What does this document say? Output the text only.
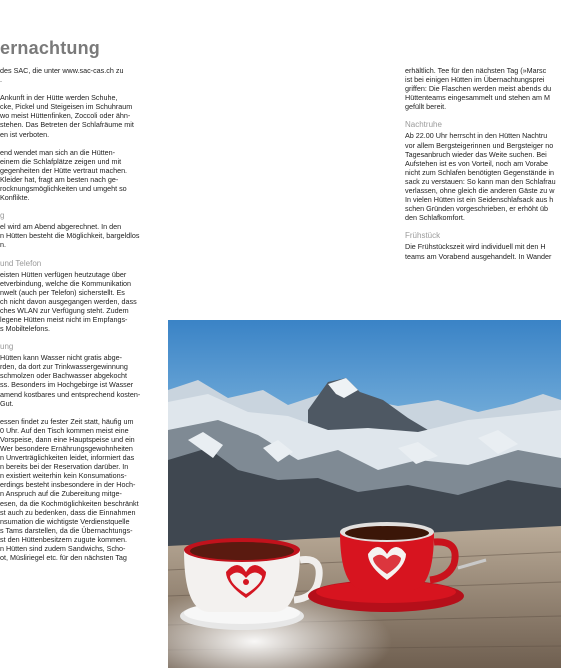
ernachtung
des SAC, die unter www.sac-cas.ch zu
.
Ankunft in der Hütte werden Schuhe,
cke, Pickel und Steigeisen im Schuhraum
wo meist Hüttenfinken, Zoccoli oder ähn-
stehen. Das Betreten der Schlafräume mit
en ist verboten.
end wendet man sich an die Hütten-
einem die Schlafplätze zeigen und mit
gegenheiten der Hütte vertraut machen.
Kleider hat, fragt am besten nach ge-
rocknungsmöglichkeiten und umgeht so
Konflikte.
g
el wird am Abend abgerechnet. In den
n Hütten besteht die Möglichkeit, bargeldlos
n.
und Telefon
eisten Hütten verfügen heutzutage über
etverbindung, welche die Kommunikation
nwelt (auch per Telefon) sicherstellt. Es
ch nicht davon ausgegangen werden, dass
ches WLAN zur Verfügung steht. Zudem
legene Hütten meist nicht im Empfangs-
s Mobiltelefons.
ung
Hütten kann Wasser nicht gratis abge-
rden, da dort zur Trinkwassergewinnung
schmolzen oder Bachwasser abgekocht
ss. Besonders im Hochgebirge ist Wasser
amend kostbares und entsprechend kosten-
Gut.
essen findet zu fester Zeit statt, häufig um
0 Uhr. Auf den Tisch kommen meist eine
Vorspeise, dann eine Hauptspeise und ein
Wer besondere Ernährungsgewohnheiten
n Unverträglichkeiten leidet, informiert das
n bereits bei der Reservation darüber. In
n existiert weiterhin kein Konsumations-
erdings besteht insbesondere in der Hoch-
n Anspruch auf die Zubereitung mitge-
esen, da die Kochmöglichkeiten beschränkt
st auch zu bedenken, dass die Einnahmen
nsumation die wichtigste Verdienstquelle
s Tams darstellen, da die Übernachtungs-
st den Hüttenbesitzern zugute kommen.
n Hütten sind zudem Sandwichs, Scho-
ot, Müsliriegel etc. für den nächsten Tag
erhältlich. Tee für den nächsten Tag (»Marsc
ist bei einigen Hütten im Übernachtungsprei
griffen: Die Flaschen werden meist abends du
Hüttenteams eingesammelt und stehen am M
gefüllt bereit.
Nachtruhe
Ab 22.00 Uhr herrscht in den Hütten Nachtru
vor allem Bergsteigerinnen und Bergsteiger no
Tagesanbruch wieder das Weite suchen. Bei
Aufstehen ist es von Vorteil, noch am Vorabe
nicht zum Schlafen benötigten Gegenstände in
sack zu verstauen: So kann man den Schlafrau
verlassen, ohne gleich die anderen Gäste zu w
In vielen Hütten ist ein Seidenschlafsack aus h
schen Gründen vorgeschrieben, er erhöht üb
den Schlafkomfort.
Frühstück
Die Frühstückszeit wird individuell mit den H
teams am Vorabend ausgehandelt. In Wander
